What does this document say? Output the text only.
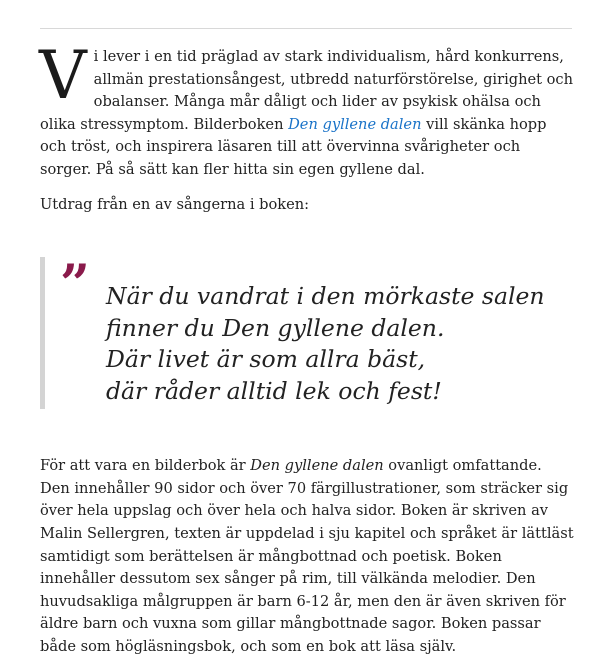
Vi lever i en tid präglad av stark individualism, hård konkurrens, allmän prestationsångest, utbredd naturförstörelse, girighet och obalanser. Många mår dåligt och lider av psykisk ohälsa och olika stressymptom. Bilderboken Den gyllene dalen vill skänka hopp och tröst, och inspirera läsaren till att övervinna svårigheter och sorger. På så sätt kan fler hitta sin egen gyllene dal.

Utdrag från en av sångerna i boken:

” När du vandrat i den mörkaste salen
finner du Den gyllene dalen.
Där livet är som allra bäst,
där råder alltid lek och fest!

För att vara en bilderbok är Den gyllene dalen ovanligt omfattande. Den innehåller 90 sidor och över 70 färgillustrationer, som sträcker sig över hela uppslag och över hela och halva sidor. Boken är skriven av Malin Sellergren, texten är uppdelad i sju kapitel och språket är lättläst samtidigt som berättelsen är mångbottnad och poetisk. Boken innehåller dessutom sex sånger på rim, till välkända melodier. Den huvudsakliga målgruppen är barn 6-12 år, men den är även skriven för äldre barn och vuxna som gillar mångbottnade sagor. Boken passar både som högläsningsbok, och som en bok att läsa själv.
